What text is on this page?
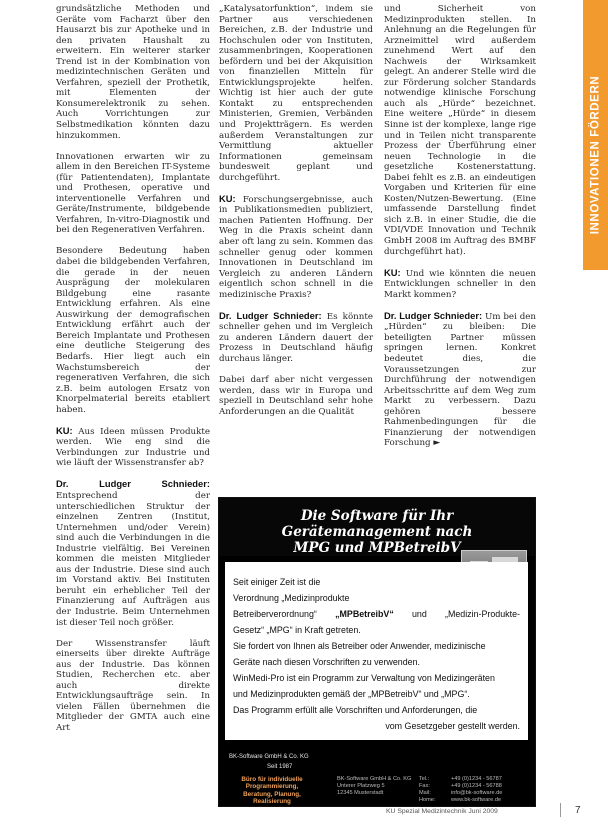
INNOVATIONEN FÖRDERN

grundsätzliche Methoden und Geräte vom Facharzt über den Hausarzt bis zur Apotheke und in den privaten Haushalt zu erweitern. Ein weiterer starker Trend ist in der Kombination von medizintechnischen Geräten und Verfahren, speziell der Prothetik, mit Elementen der Konsumerelektronik zu sehen. Auch Vorrichtungen zur Selbstmedikation könnten dazu hinzukommen.

Innovationen erwarten wir zu allem in den Bereichen IT-Systeme (für Patientendaten), Implantate und Prothesen, operative und interventionelle Verfahren und Geräte/Instrumente, bildgebende Verfahren, In-vitro-Diagnostik und bei den Regenerativen Verfahren.

Besondere Bedeutung haben dabei die bildgebenden Verfahren, die gerade in der neuen Ausprägung der molekularen Bildgebung eine rasante Entwicklung erfahren. Als eine Auswirkung der demografischen Entwicklung erfährt auch der Bereich Implantate und Prothesen eine deutliche Steigerung des Bedarfs. Hier liegt auch ein Wachstumsbereich der regenerativen Verfahren, die sich z.B. beim autologen Ersatz von Knorpelmaterial bereits etabliert haben.

KU: Aus Ideen müssen Produkte werden. Wie eng sind die Verbindungen zur Industrie und wie läuft der Wissenstransfer ab?

Dr. Ludger Schnieder: Entsprechend der unterschiedlichen Struktur der einzelnen Zentren (Institut, Unternehmen und/oder Verein) sind auch die Verbindungen in die Industrie vielfältig. Bei Vereinen kommen die meisten Mitglieder aus der Industrie. Diese sind auch im Vorstand aktiv. Bei Instituten beruht ein erheblicher Teil der Finanzierung auf Aufträgen aus der Industrie. Beim Unternehmen ist dieser Teil noch größer.

Der Wissenstransfer läuft einerseits über direkte Aufträge aus der Industrie. Das können Studien, Recherchen etc. aber auch direkte Entwicklungsaufträge sein. In vielen Fällen übernehmen die Mitglieder der GMTA auch eine Art

„Katalysatorfunktion“, indem sie Partner aus verschiedenen Bereichen, z.B. der Industrie und Hochschulen oder von Instituten, zusammenbringen, Kooperationen befördern und bei der Akquisition von finanziellen Mitteln für Entwicklungsprojekte helfen. Wichtig ist hier auch der gute Kontakt zu entsprechenden Ministerien, Gremien, Verbänden und Projektträgern. Es werden außerdem Veranstaltungen zur Vermittlung aktueller Informationen gemeinsam bundesweit geplant und durchgeführt.

KU: Forschungsergebnisse, auch in Publikationsmedien publiziert, machen Patienten Hoffnung. Der Weg in die Praxis scheint dann aber oft lang zu sein. Kommen das schneller genug oder kommen Innovationen in Deutschland im Vergleich zu anderen Ländern eigentlich schon schnell in die medizinische Praxis?

Dr. Ludger Schnieder: Es könnte schneller gehen und im Vergleich zu anderen Ländern dauert der Prozess in Deutschland häufig durchaus länger.

Dabei darf aber nicht vergessen werden, dass wir in Europa und speziell in Deutschland sehr hohe Anforderungen an die Qualität

und Sicherheit von Medizinprodukten stellen. In Anlehnung an die Regelungen für Arzneimittel wird außerdem zunehmend Wert auf den Nachweis der Wirksamkeit gelegt. An anderer Stelle wird die zur Förderung solcher Standards notwendige klinische Forschung auch als „Hürde“ bezeichnet. Eine weitere „Hürde“ in diesem Sinne ist der komplexe, lange rige und in Teilen nicht transparente Prozess der Überführung einer neuen Technologie in die gesetzliche Kostenerstattung. Dabei fehlt es z.B. an eindeutigen Vorgaben und Kriterien für eine Kosten/Nutzen-Bewertung. (Eine umfassende Darstellung findet sich z.B. in einer Studie, die die VDI/VDE Innovation und Technik GmbH 2008 im Auftrag des BMBF durchgeführt hat).

KU: Und wie könnten die neuen Entwicklungen schneller in den Markt kommen?

Dr. Ludger Schnieder: Um bei den „Hürden“ zu bleiben: Die beteiligten Partner müssen springen lernen. Konkret bedeutet dies, die Voraussetzungen zur Durchführung der notwendigen Arbeitsschritte auf dem Weg zum Markt zu verbessern. Dazu gehören bessere Rahmenbedingungen für die Finanzierung der notwendigen Forschung ►

Die Software für Ihr
Gerätemanagement nach
MPG und MPBetreibV
Seit einiger Zeit ist die
Verordnung „Medizinprodukte
Betreiberverordnung“ „MPBetreibV“ und „Medizin-Produkte-
Gesetz“ „MPG“ in Kraft getreten.
Sie fordert von Ihnen als Betreiber oder Anwender, medizinische
Geräte nach diesen Vorschriften zu verwenden.
WinMedi-Pro ist ein Programm zur Verwaltung von Medizingeräten
und Medizinprodukten gemäß der „MPBetreibV“ und „MPG“.
Das Programm erfüllt alle Vorschriften und Anforderungen, die
vom Gesetzgeber gestellt werden.
BK-Software GmbH & Co. KG
Seit 1987
Büro für individuelle Programmierung, Beratung, Planung, Realisierung
BK-Software GmbH & Co. KG
Unterer Platzweg 5
12345 Musterstadt
Tel.:	+49 (0)1234 - 56787
Fax:	+49 (0)1234 - 56788
Mail:	info@bk-software.de
Home:	www.bk-software.de
KU Spezial Medizintechnik Juni 2009	7
